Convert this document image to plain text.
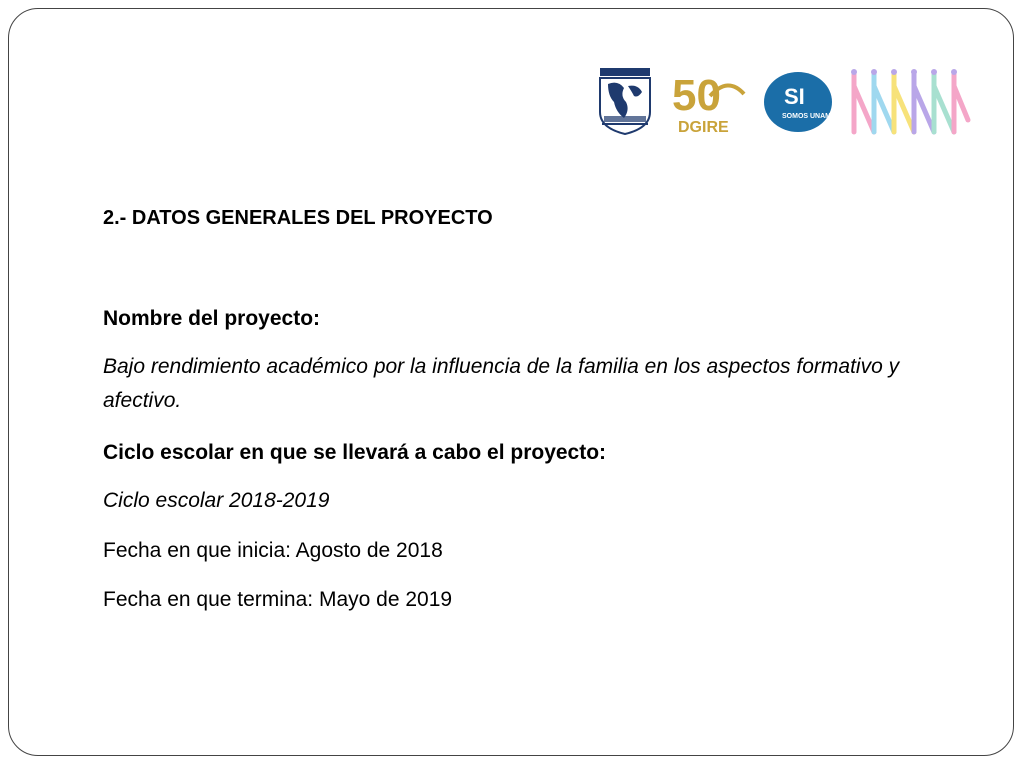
50
DGIRE
SI
SOMOS UNAM
2.- DATOS GENERALES DEL PROYECTO
Nombre del proyecto:
Bajo rendimiento académico por la influencia de la familia en los aspectos formativo y afectivo.
Ciclo escolar en que se llevará a cabo el proyecto:
Ciclo escolar 2018-2019
Fecha en que inicia: Agosto de 2018
Fecha en que termina: Mayo de 2019
